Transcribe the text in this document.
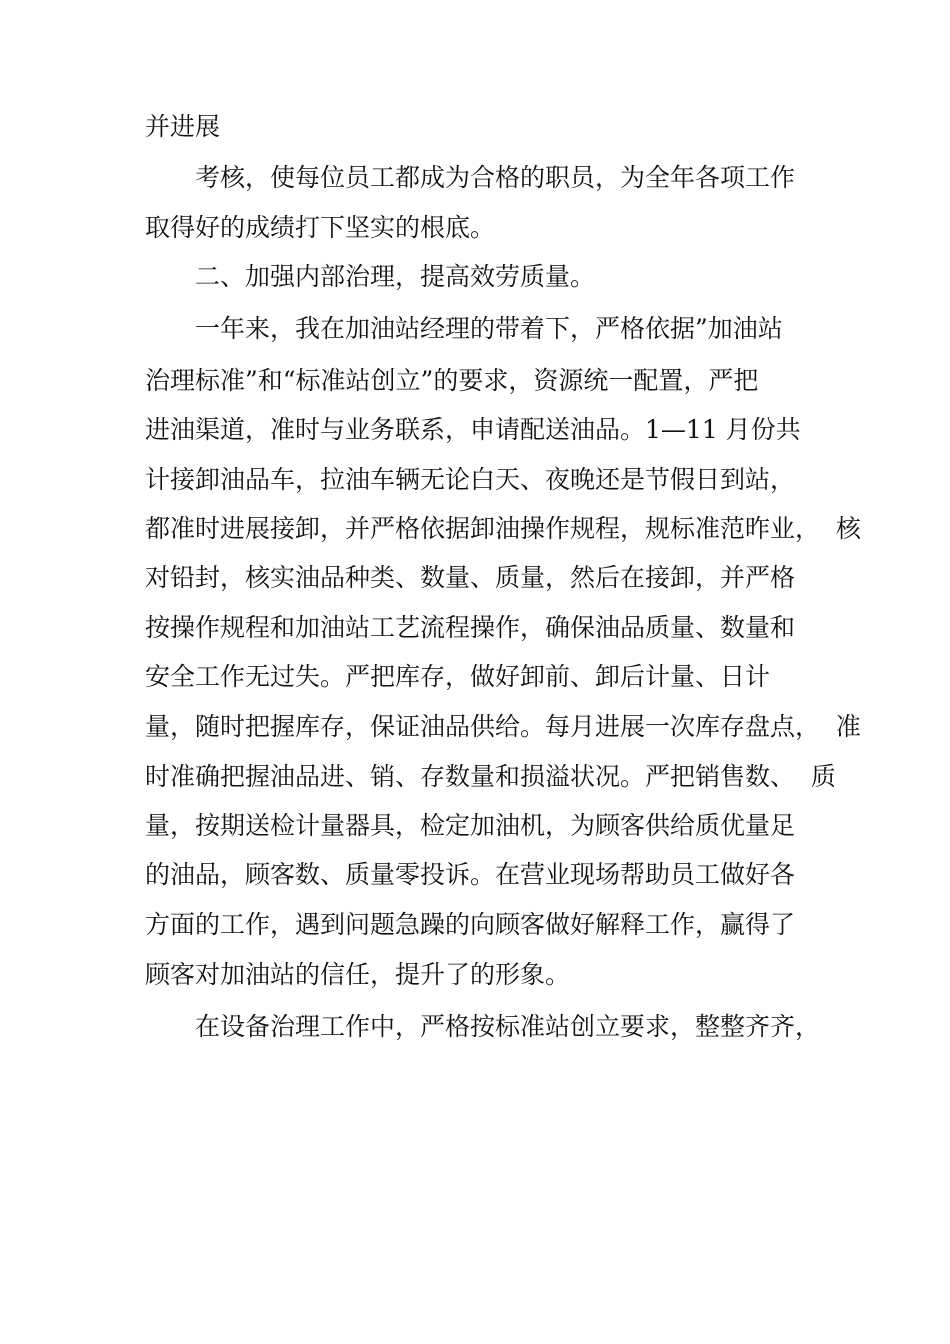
并进展

考核，使每位员工都成为合格的职员，为全年各项工作

取得好的成绩打下坚实的根底。

二、加强内部治理，提高效劳质量。

一年来，我在加油站经理的带着下，严格依据”加油站

治理标准”和“标准站创立”的要求，资源统一配置，严把

进油渠道，准时与业务联系，申请配送油品。1—11 月份共

计接卸油品车，拉油车辆无论白天、夜晚还是节假日到站，

都准时进展接卸，并严格依据卸油操作规程，规标准范昨业，  核

对铅封，核实油品种类、数量、质量，然后在接卸，并严格

按操作规程和加油站工艺流程操作，确保油品质量、数量和

安全工作无过失。严把库存，做好卸前、卸后计量、日计

量，随时把握库存，保证油品供给。每月进展一次库存盘点，  准

时准确把握油品进、销、存数量和损溢状况。严把销售数、  质

量，按期送检计量器具，检定加油机，为顾客供给质优量足

的油品，顾客数、质量零投诉。在营业现场帮助员工做好各

方面的工作，遇到问题急躁的向顾客做好解释工作，赢得了

顾客对加油站的信任，提升了的形象。

在设备治理工作中，严格按标准站创立要求，整整齐齐，
